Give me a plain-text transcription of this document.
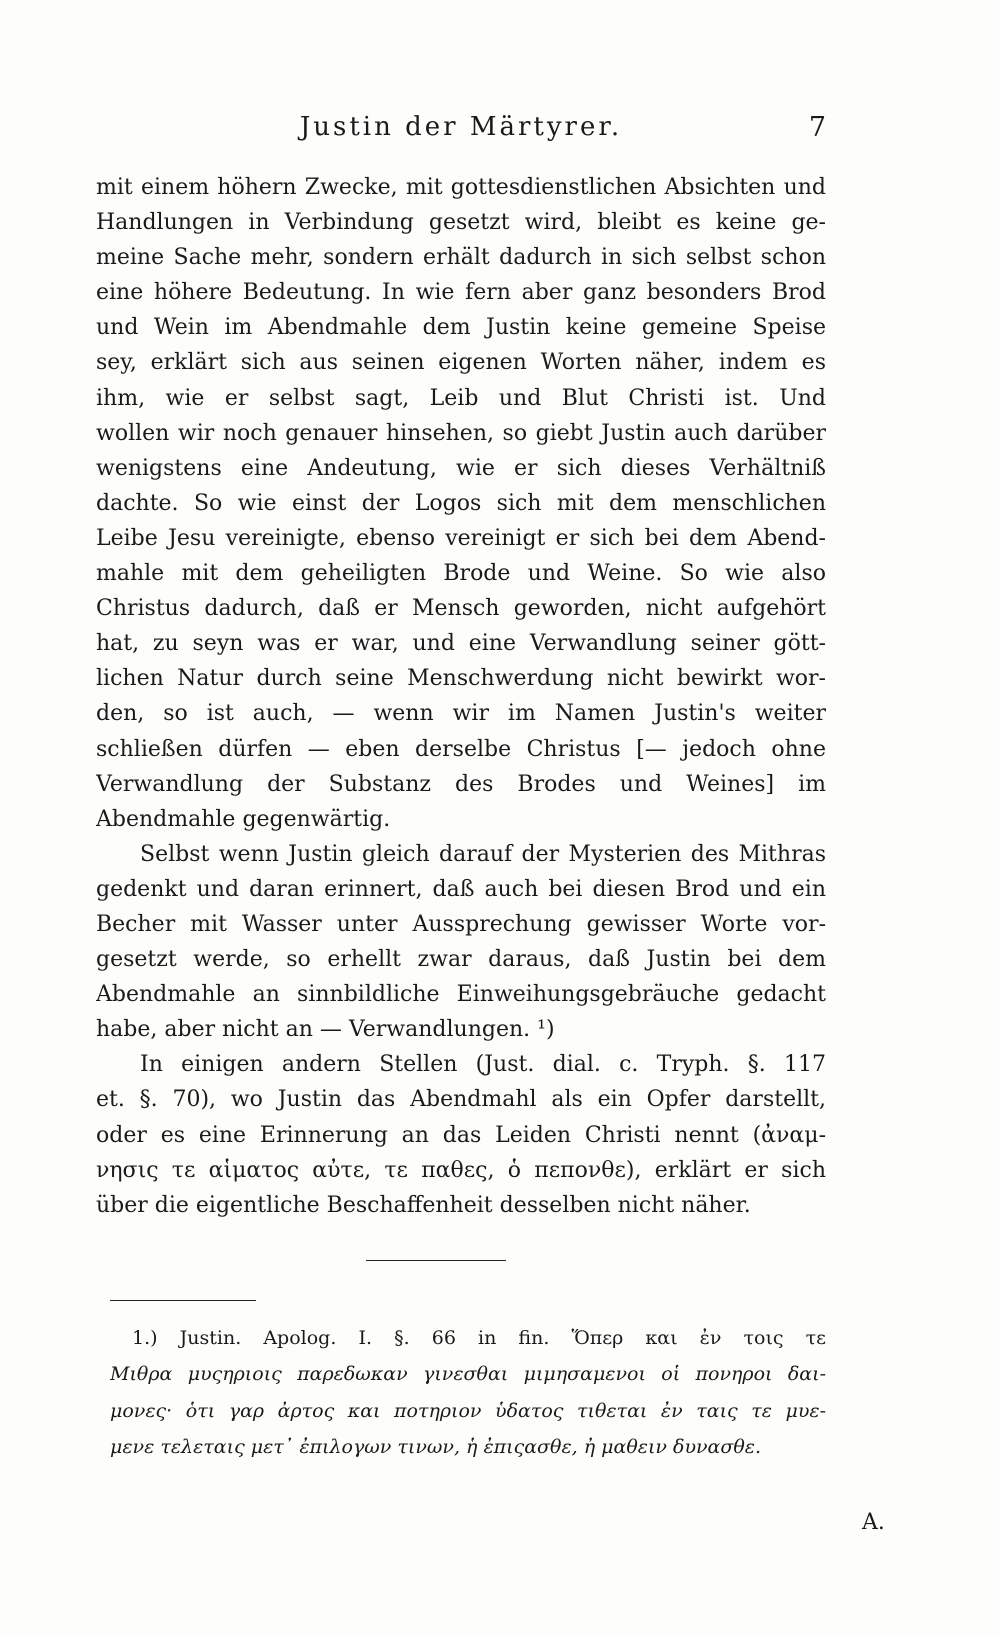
Justin der Märtyrer.	7
mit einem höhern Zwecke, mit gottesdienstlichen Absichten und
Handlungen in Verbindung gesetzt wird, bleibt es keine ge-
meine Sache mehr, sondern erhält dadurch in sich selbst schon
eine höhere Bedeutung. In wie fern aber ganz besonders Brod
und Wein im Abendmahle dem Justin keine gemeine Speise
sey, erklärt sich aus seinen eigenen Worten näher, indem es
ihm, wie er selbst sagt, Leib und Blut Christi ist. Und
wollen wir noch genauer hinsehen, so giebt Justin auch darüber
wenigstens eine Andeutung, wie er sich dieses Verhältniß
dachte. So wie einst der Logos sich mit dem menschlichen
Leibe Jesu vereinigte, ebenso vereinigt er sich bei dem Abend-
mahle mit dem geheiligten Brode und Weine. So wie also
Christus dadurch, daß er Mensch geworden, nicht aufgehört
hat, zu seyn was er war, und eine Verwandlung seiner gött-
lichen Natur durch seine Menschwerdung nicht bewirkt wor-
den, so ist auch, — wenn wir im Namen Justin's weiter
schließen dürfen — eben derselbe Christus [— jedoch ohne
Verwandlung der Substanz des Brodes und Weines] im
Abendmahle gegenwärtig.
Selbst wenn Justin gleich darauf der Mysterien des Mithras
gedenkt und daran erinnert, daß auch bei diesen Brod und ein
Becher mit Wasser unter Aussprechung gewisser Worte vor-
gesetzt werde, so erhellt zwar daraus, daß Justin bei dem
Abendmahle an sinnbildliche Einweihungsgebräuche gedacht
habe, aber nicht an — Verwandlungen. ¹)
In einigen andern Stellen (Just. dial. c. Tryph. §. 117
et. §. 70), wo Justin das Abendmahl als ein Opfer darstellt,
oder es eine Erinnerung an das Leiden Christi nennt (ἀναμ-
νησις τε αἱματος αὐτε, τε παθες, ὁ πεπονθε), erklärt er sich
über die eigentliche Beschaffenheit desselben nicht näher.
1.) Justin. Apolog. I. §. 66 in fin. Ὅπερ και ἐν τοις τε
Μιθρα μυςηριοις παρεδωκαν γινεσθαι μιμησαμενοι οἱ πονηροι δαι-
μονες· ὁτι γαρ ἀρτος και ποτηριον ὑδατος τιθεται ἐν ταις τε μυε-
μενε τελεταις μετ᾽ ἐπιλογων τινων, ἡ ἐπιςασθε, ἠ μαθειν δυνασθε.
A.
